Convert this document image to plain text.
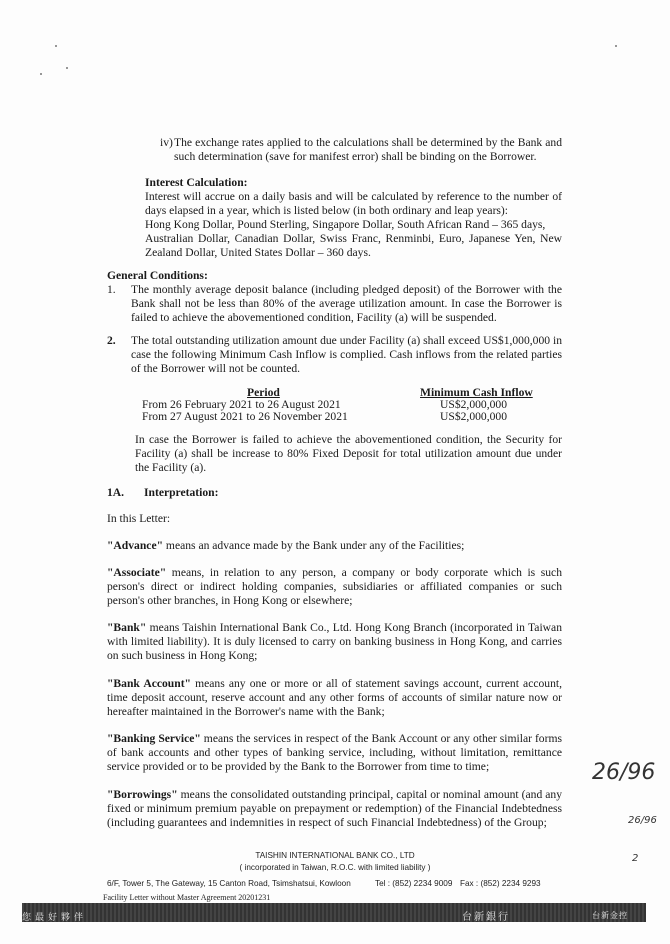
iv) The exchange rates applied to the calculations shall be determined by the Bank and such determination (save for manifest error) shall be binding on the Borrower.
Interest Calculation:
Interest will accrue on a daily basis and will be calculated by reference to the number of days elapsed in a year, which is listed below (in both ordinary and leap years):
Hong Kong Dollar, Pound Sterling, Singapore Dollar, South African Rand – 365 days,
Australian Dollar, Canadian Dollar, Swiss Franc, Renminbi, Euro, Japanese Yen, New Zealand Dollar, United States Dollar – 360 days.
General Conditions:
1. The monthly average deposit balance (including pledged deposit) of the Borrower with the Bank shall not be less than 80% of the average utilization amount. In case the Borrower is failed to achieve the abovementioned condition, Facility (a) will be suspended.
2. The total outstanding utilization amount due under Facility (a) shall exceed US$1,000,000 in case the following Minimum Cash Inflow is complied. Cash inflows from the related parties of the Borrower will not be counted.
Period	Minimum Cash Inflow
From 26 February 2021 to 26 August 2021	US$2,000,000
From 27 August 2021 to 26 November 2021	US$2,000,000
In case the Borrower is failed to achieve the abovementioned condition, the Security for Facility (a) shall be increase to 80% Fixed Deposit for total utilization amount due under the Facility (a).
1A. Interpretation:
In this Letter:
"Advance" means an advance made by the Bank under any of the Facilities;
"Associate" means, in relation to any person, a company or body corporate which is such person's direct or indirect holding companies, subsidiaries or affiliated companies or such person's other branches, in Hong Kong or elsewhere;
"Bank" means Taishin International Bank Co., Ltd. Hong Kong Branch (incorporated in Taiwan with limited liability). It is duly licensed to carry on banking business in Hong Kong, and carries on such business in Hong Kong;
"Bank Account" means any one or more or all of statement savings account, current account, time deposit account, reserve account and any other forms of accounts of similar nature now or hereafter maintained in the Borrower's name with the Bank;
"Banking Service" means the services in respect of the Bank Account or any other similar forms of bank accounts and other types of banking service, including, without limitation, remittance service provided or to be provided by the Bank to the Borrower from time to time;
"Borrowings" means the consolidated outstanding principal, capital or nominal amount (and any fixed or minimum premium payable on prepayment or redemption) of the Financial Indebtedness (including guarantees and indemnities in respect of such Financial Indebtedness) of the Group;
26/96
26/96
2
TAISHIN INTERNATIONAL BANK CO., LTD
( incorporated in Taiwan, R.O.C. with limited liability )
6/F, Tower 5, The Gateway, 15 Canton Road, Tsimshatsui, Kowloon	Tel : (852) 2234 9009 Fax : (852) 2234 9293
Facility Letter without Master Agreement 20201231
您最好夥伴	台新銀行	台新金控
